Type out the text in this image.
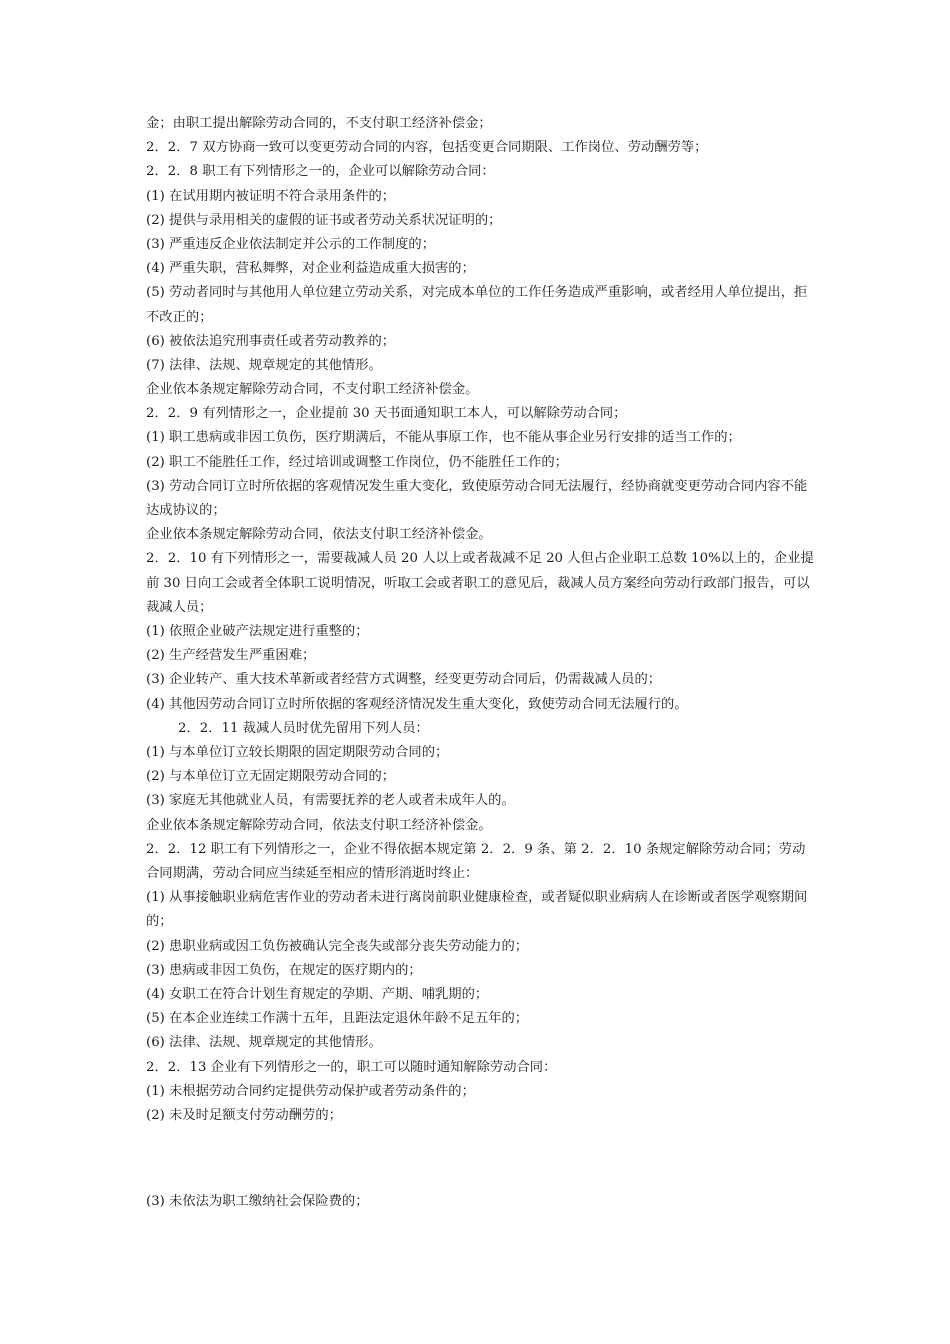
金；由职工提出解除劳动合同的，不支付职工经济补偿金；
2．2．7 双方协商一致可以变更劳动合同的内容，包括变更合同期限、工作岗位、劳动酬劳等；
2．2．8 职工有下列情形之一的，企业可以解除劳动合同：
(1) 在试用期内被证明不符合录用条件的；
(2) 提供与录用相关的虚假的证书或者劳动关系状况证明的；
(3) 严重违反企业依法制定并公示的工作制度的；
(4) 严重失职，营私舞弊，对企业利益造成重大损害的；
(5) 劳动者同时与其他用人单位建立劳动关系，对完成本单位的工作任务造成严重影响，或者经用人单位提出，拒不改正的；
(6) 被依法追究刑事责任或者劳动教养的；
(7) 法律、法规、规章规定的其他情形。
企业依本条规定解除劳动合同，不支付职工经济补偿金。
2．2．9 有列情形之一，企业提前 30 天书面通知职工本人，可以解除劳动合同；
(1) 职工患病或非因工负伤，医疗期满后，不能从事原工作，也不能从事企业另行安排的适当工作的；
(2) 职工不能胜任工作，经过培训或调整工作岗位，仍不能胜任工作的；
(3) 劳动合同订立时所依据的客观情况发生重大变化，致使原劳动合同无法履行，经协商就变更劳动合同内容不能达成协议的；
企业依本条规定解除劳动合同，依法支付职工经济补偿金。
2．2．10 有下列情形之一，需要裁减人员 20 人以上或者裁减不足 20 人但占企业职工总数 10%以上的，企业提前 30 日向工会或者全体职工说明情况，听取工会或者职工的意见后，裁减人员方案经向劳动行政部门报告，可以裁减人员；
(1) 依照企业破产法规定进行重整的；
(2) 生产经营发生严重困难；
(3) 企业转产、重大技术革新或者经营方式调整，经变更劳动合同后，仍需裁减人员的；
(4) 其他因劳动合同订立时所依据的客观经济情况发生重大变化，致使劳动合同无法履行的。
2．2．11 裁减人员时优先留用下列人员：
(1) 与本单位订立较长期限的固定期限劳动合同的；
(2) 与本单位订立无固定期限劳动合同的；
(3) 家庭无其他就业人员，有需要抚养的老人或者未成年人的。
企业依本条规定解除劳动合同，依法支付职工经济补偿金。
2．2．12 职工有下列情形之一，企业不得依据本规定第 2．2．9 条、第 2．2．10 条规定解除劳动合同；劳动合同期满，劳动合同应当续延至相应的情形消逝时终止：
(1) 从事接触职业病危害作业的劳动者未进行离岗前职业健康检查，或者疑似职业病病人在诊断或者医学观察期间的；
(2) 患职业病或因工负伤被确认完全丧失或部分丧失劳动能力的；
(3) 患病或非因工负伤，在规定的医疗期内的；
(4) 女职工在符合计划生育规定的孕期、产期、哺乳期的；
(5) 在本企业连续工作满十五年，且距法定退休年龄不足五年的；
(6) 法律、法规、规章规定的其他情形。
2．2．13 企业有下列情形之一的，职工可以随时通知解除劳动合同：
(1) 未根据劳动合同约定提供劳动保护或者劳动条件的；
(2) 未及时足额支付劳动酬劳的；
(3) 未依法为职工缴纳社会保险费的；
